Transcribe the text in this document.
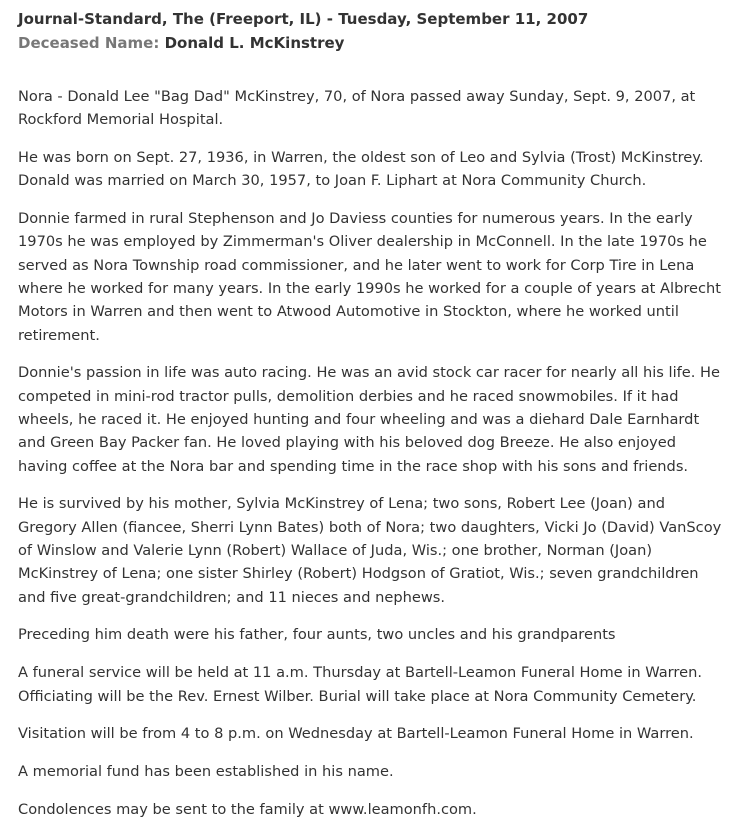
Journal-Standard, The (Freeport, IL) - Tuesday, September 11, 2007
Deceased Name: Donald L. McKinstrey

Nora - Donald Lee "Bag Dad" McKinstrey, 70, of Nora passed away Sunday, Sept. 9, 2007, at Rockford Memorial Hospital.

He was born on Sept. 27, 1936, in Warren, the oldest son of Leo and Sylvia (Trost) McKinstrey. Donald was married on March 30, 1957, to Joan F. Liphart at Nora Community Church.

Donnie farmed in rural Stephenson and Jo Daviess counties for numerous years. In the early 1970s he was employed by Zimmerman's Oliver dealership in McConnell. In the late 1970s he served as Nora Township road commissioner, and he later went to work for Corp Tire in Lena where he worked for many years. In the early 1990s he worked for a couple of years at Albrecht Motors in Warren and then went to Atwood Automotive in Stockton, where he worked until retirement.

Donnie's passion in life was auto racing. He was an avid stock car racer for nearly all his life. He competed in mini-rod tractor pulls, demolition derbies and he raced snowmobiles. If it had wheels, he raced it. He enjoyed hunting and four wheeling and was a diehard Dale Earnhardt and Green Bay Packer fan. He loved playing with his beloved dog Breeze. He also enjoyed having coffee at the Nora bar and spending time in the race shop with his sons and friends.

He is survived by his mother, Sylvia McKinstrey of Lena; two sons, Robert Lee (Joan) and Gregory Allen (fiancee, Sherri Lynn Bates) both of Nora; two daughters, Vicki Jo (David) VanScoy of Winslow and Valerie Lynn (Robert) Wallace of Juda, Wis.; one brother, Norman (Joan) McKinstrey of Lena; one sister Shirley (Robert) Hodgson of Gratiot, Wis.; seven grandchildren and five great-grandchildren; and 11 nieces and nephews.

Preceding him death were his father, four aunts, two uncles and his grandparents

A funeral service will be held at 11 a.m. Thursday at Bartell-Leamon Funeral Home in Warren. Officiating will be the Rev. Ernest Wilber. Burial will take place at Nora Community Cemetery.

Visitation will be from 4 to 8 p.m. on Wednesday at Bartell-Leamon Funeral Home in Warren.

A memorial fund has been established in his name.

Condolences may be sent to the family at www.leamonfh.com.
